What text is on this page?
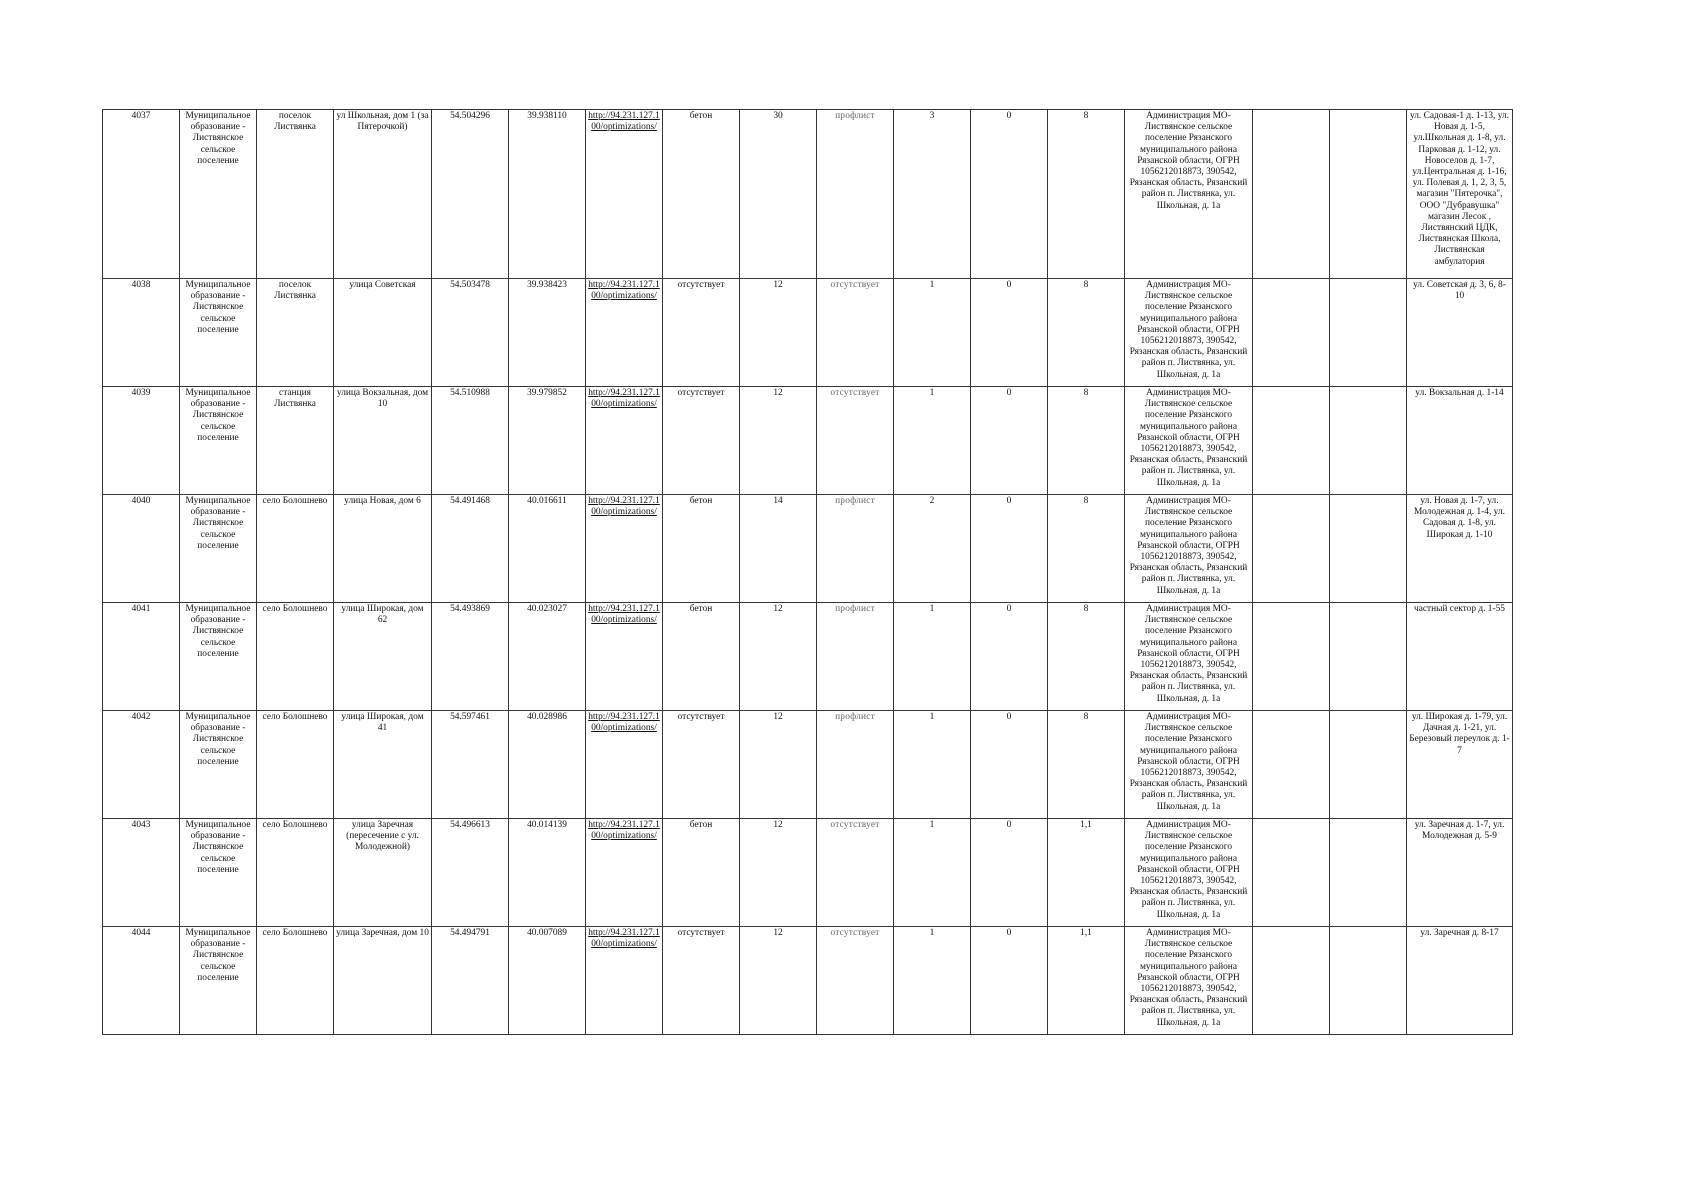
4037	Муниципальное образование - Листвянское сельское поселение	поселок Листвянка	ул Школьная, дом 1 (за Пятерочкой)	54.504296	39.938110	http://94.231.127.100/optimizations/	бетон	30	профлист	3	0	8	Администрация МО-Листвянское сельское поселение Рязанского муниципального района Рязанской области, ОГРН 1056212018873, 390542, Рязанская область, Рязанский район п. Листвянка, ул. Школьная, д. 1а			ул. Садовая-1 д. 1-13, ул. Новая д. 1-5, ул.Школьная д. 1-8, ул. Парковая д. 1-12, ул. Новоселов д. 1-7, ул.Центральная д. 1-16, ул. Полевая д. 1, 2, 3, 5, магазин "Пятерочка", ООО "Дубравушка" магазин Лесок , Листвянский ЦДК, Листвянская Школа, Листвянская амбулатория
4038	Муниципальное образование - Листвянское сельское поселение	поселок Листвянка	улица Советская	54.503478	39.938423	http://94.231.127.100/optimizations/	отсутствует	12	отсутствует	1	0	8	Администрация МО-Листвянское сельское поселение Рязанского муниципального района Рязанской области, ОГРН 1056212018873, 390542, Рязанская область, Рязанский район п. Листвянка, ул. Школьная, д. 1а			ул. Советская д. 3, 6, 8-10
4039	Муниципальное образование - Листвянское сельское поселение	станция Листвянка	улица Вокзальная, дом 10	54.510988	39.979852	http://94.231.127.100/optimizations/	отсутствует	12	отсутствует	1	0	8	Администрация МО-Листвянское сельское поселение Рязанского муниципального района Рязанской области, ОГРН 1056212018873, 390542, Рязанская область, Рязанский район п. Листвянка, ул. Школьная, д. 1а			ул. Вокзальная д. 1-14
4040	Муниципальное образование - Листвянское сельское поселение	село Болошнево	улица Новая, дом 6	54.491468	40.016611	http://94.231.127.100/optimizations/	бетон	14	профлист	2	0	8	Администрация МО-Листвянское сельское поселение Рязанского муниципального района Рязанской области, ОГРН 1056212018873, 390542, Рязанская область, Рязанский район п. Листвянка, ул. Школьная, д. 1а			ул. Новая д. 1-7, ул. Молодежная д. 1-4, ул. Садовая д. 1-8, ул. Широкая д. 1-10
4041	Муниципальное образование - Листвянское сельское поселение	село Болошнево	улица Широкая, дом 62	54.493869	40.023027	http://94.231.127.100/optimizations/	бетон	12	профлист	1	0	8	Администрация МО-Листвянское сельское поселение Рязанского муниципального района Рязанской области, ОГРН 1056212018873, 390542, Рязанская область, Рязанский район п. Листвянка, ул. Школьная, д. 1а			частный сектор д. 1-55
4042	Муниципальное образование - Листвянское сельское поселение	село Болошнево	улица Широкая, дом 41	54.597461	40.028986	http://94.231.127.100/optimizations/	отсутствует	12	профлист	1	0	8	Администрация МО-Листвянское сельское поселение Рязанского муниципального района Рязанской области, ОГРН 1056212018873, 390542, Рязанская область, Рязанский район п. Листвянка, ул. Школьная, д. 1а			ул. Широкая д. 1-79, ул. Дачная д. 1-21, ул. Березовый переулок д. 1-7
4043	Муниципальное образование - Листвянское сельское поселение	село Болошнево	улица Заречная (пересечение с ул. Молодежной)	54.496613	40.014139	http://94.231.127.100/optimizations/	бетон	12	отсутствует	1	0	1,1	Администрация МО-Листвянское сельское поселение Рязанского муниципального района Рязанской области, ОГРН 1056212018873, 390542, Рязанская область, Рязанский район п. Листвянка, ул. Школьная, д. 1а			ул. Заречная д. 1-7, ул. Молодежная д. 5-9
4044	Муниципальное образование - Листвянское сельское поселение	село Болошнево	улица Заречная, дом 10	54.494791	40.007089	http://94.231.127.100/optimizations/	отсутствует	12	отсутствует	1	0	1,1	Администрация МО-Листвянское сельское поселение Рязанского муниципального района Рязанской области, ОГРН 1056212018873, 390542, Рязанская область, Рязанский район п. Листвянка, ул. Школьная, д. 1а			ул. Заречная д. 8-17
